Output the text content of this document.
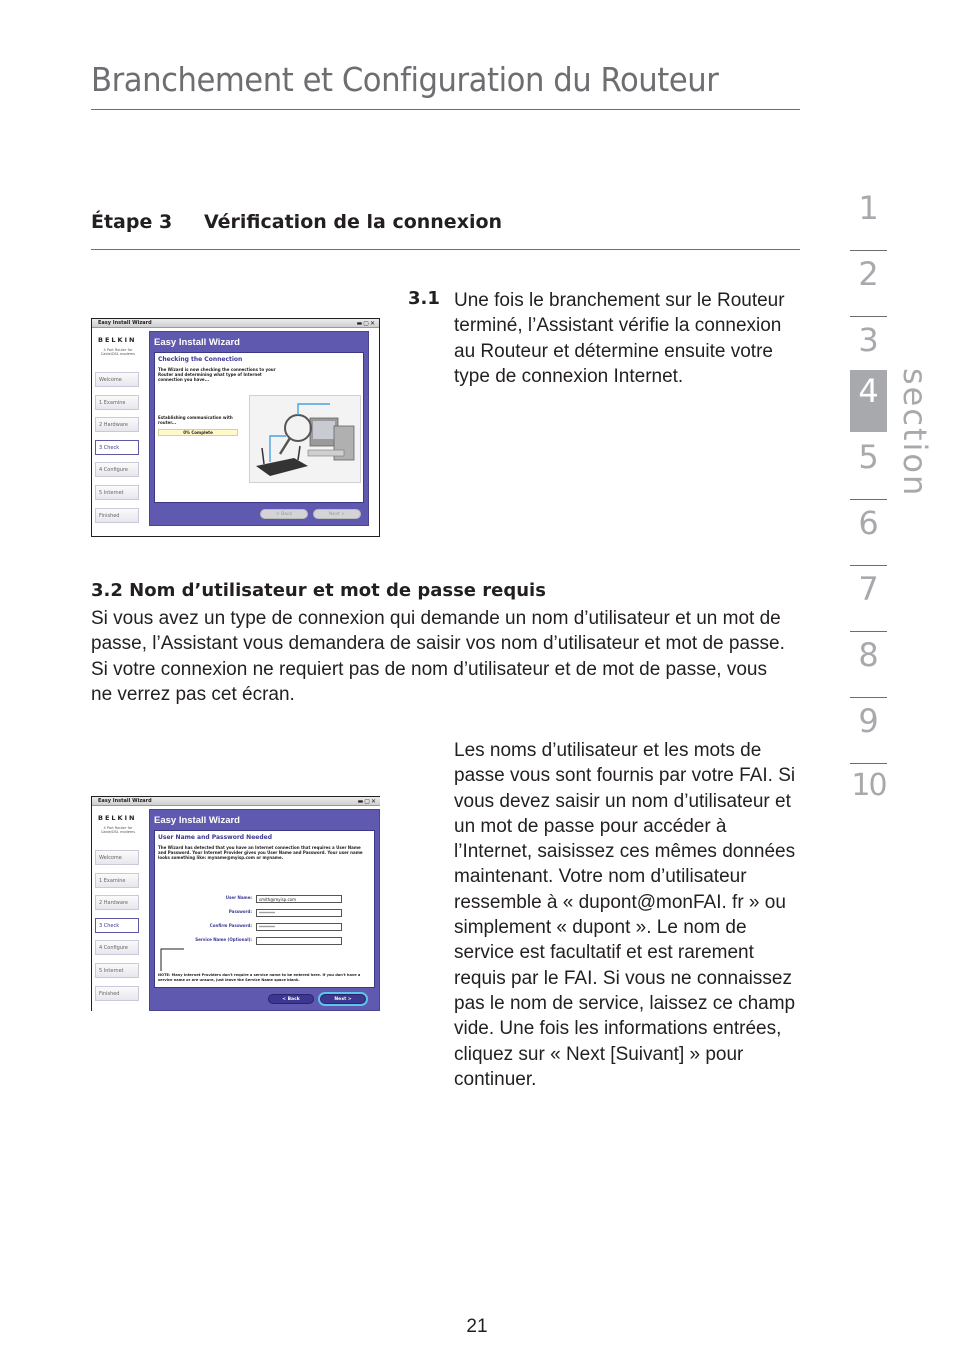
Branchement et Configuration du Routeur
Étape 3 Vérification de la connexion
Easy Install Wizard	▬▢✕
BELKIN
4 Port Router for Cable/DSL modems
Welcome
1 Examine
2 Hardware
3 Check
4 Configure
5 Internet
Finished
Easy Install Wizard
Checking the Connection
The Wizard is now checking the connections to your Router and determining what type of Internet connection you have...
Establishing communication with router...
0% Complete
< Back	Next >
3.1 Une fois le branchement sur le Routeur terminé, l’Assistant vérifie la connexion au Routeur et détermine ensuite votre type de connexion Internet.
3.2 Nom d’utilisateur et mot de passe requis
Si vous avez un type de connexion qui demande un nom d’utilisateur et un mot de passe, l’Assistant vous demandera de saisir vos nom d’utilisateur et mot de passe. Si votre connexion ne requiert pas de nom d’utilisateur et de mot de passe, vous ne verrez pas cet écran.
Easy Install Wizard	▬▢✕
BELKIN
4 Port Router for Cable/DSL modems
Welcome
1 Examine
2 Hardware
3 Check
4 Configure
5 Internet
Finished
Easy Install Wizard
User Name and Password Needed
The Wizard has detected that you have an Internet connection that requires a User Name and Password. Your Internet Provider gives you User Name and Password. Your user name looks something like: myname@myisp.com or myname.
User Name:	smith@myisp.com
Password:	********
Confirm Password:	********
Service Name (Optional):
NOTE: Many Internet Providers don't require a service name to be entered here. If you don't have a service name or are unsure, just leave the Service Name space blank.
< Back	Next >
Les noms d’utilisateur et les mots de passe vous sont fournis par votre FAI. Si vous devez saisir un nom d’utilisateur et un mot de passe pour accéder à l’Internet, saisissez ces mêmes données maintenant. Votre nom d’utilisateur ressemble à « dupont@monFAI. fr » ou simplement « dupont ». Le nom de service est facultatif et est rarement requis par le FAI. Si vous ne connaissez pas le nom de service, laissez ce champ vide. Une fois les informations entrées, cliquez sur « Next [Suivant] » pour continuer.
1
2
3
4
5
6
7
8
9
10
section
21
